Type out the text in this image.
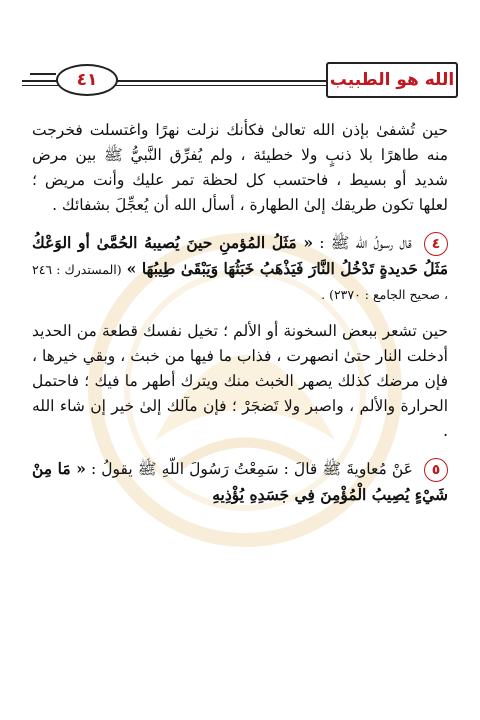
٤١	الله هو الطبيب

حين تُشفىٰ بإذن الله تعالىٰ فكأنك نزلت نهرًا واغتسلت فخرجت منه طاهرًا بلا ذنبٍ ولا خطيئة ، ولم يُفرِّق النَّبيُّ ﷺ بين مرض شديد أو بسيط ، فاحتسب كل لحظة تمر عليك وأنت مريض ؛ لعلها تكون طريقك إلىٰ الطهارة ، أسأل الله أن يُعجِّلَ بشفائك .

٤ قال رسولُ الله ﷺ : « مَثَلُ المُؤمنِ حينَ يُصيبهُ الحُمَّىٰ أو الوَعْكُ مَثَلُ حَديدةٍ تَدْخُلُ النَّارَ فَيَذْهَبُ خَبَثُهَا وَيَبْقَىٰ طِيبُهَا » (المستدرك : ٢٤٦ ، صحيح الجامع : ٢٣٧٠) .

حين تشعر ببعض السخونة أو الألم ؛ تخيل نفسك قطعة من الحديد أدخلت النار حتىٰ انصهرت ، فذاب ما فيها من خبث ، وبقي خيرها ، فإن مرضك كذلك يصهر الخبث منك ويترك أطهر ما فيك ؛ فاحتمل الحرارة والألم ، واصبر ولا تَضجَرْ ؛ فإن مآلك إلىٰ خير إن شاء الله .

٥ عَنْ مُعاويةَ ﷺ قالَ : سَمِعْتُ رَسُولَ اللّهِ ﷺ يقولُ : « مَا مِنْ شَيْءٍ يُصِيبُ الْمُؤْمِنَ فِي جَسَدِهِ يُؤْذِيهِ
